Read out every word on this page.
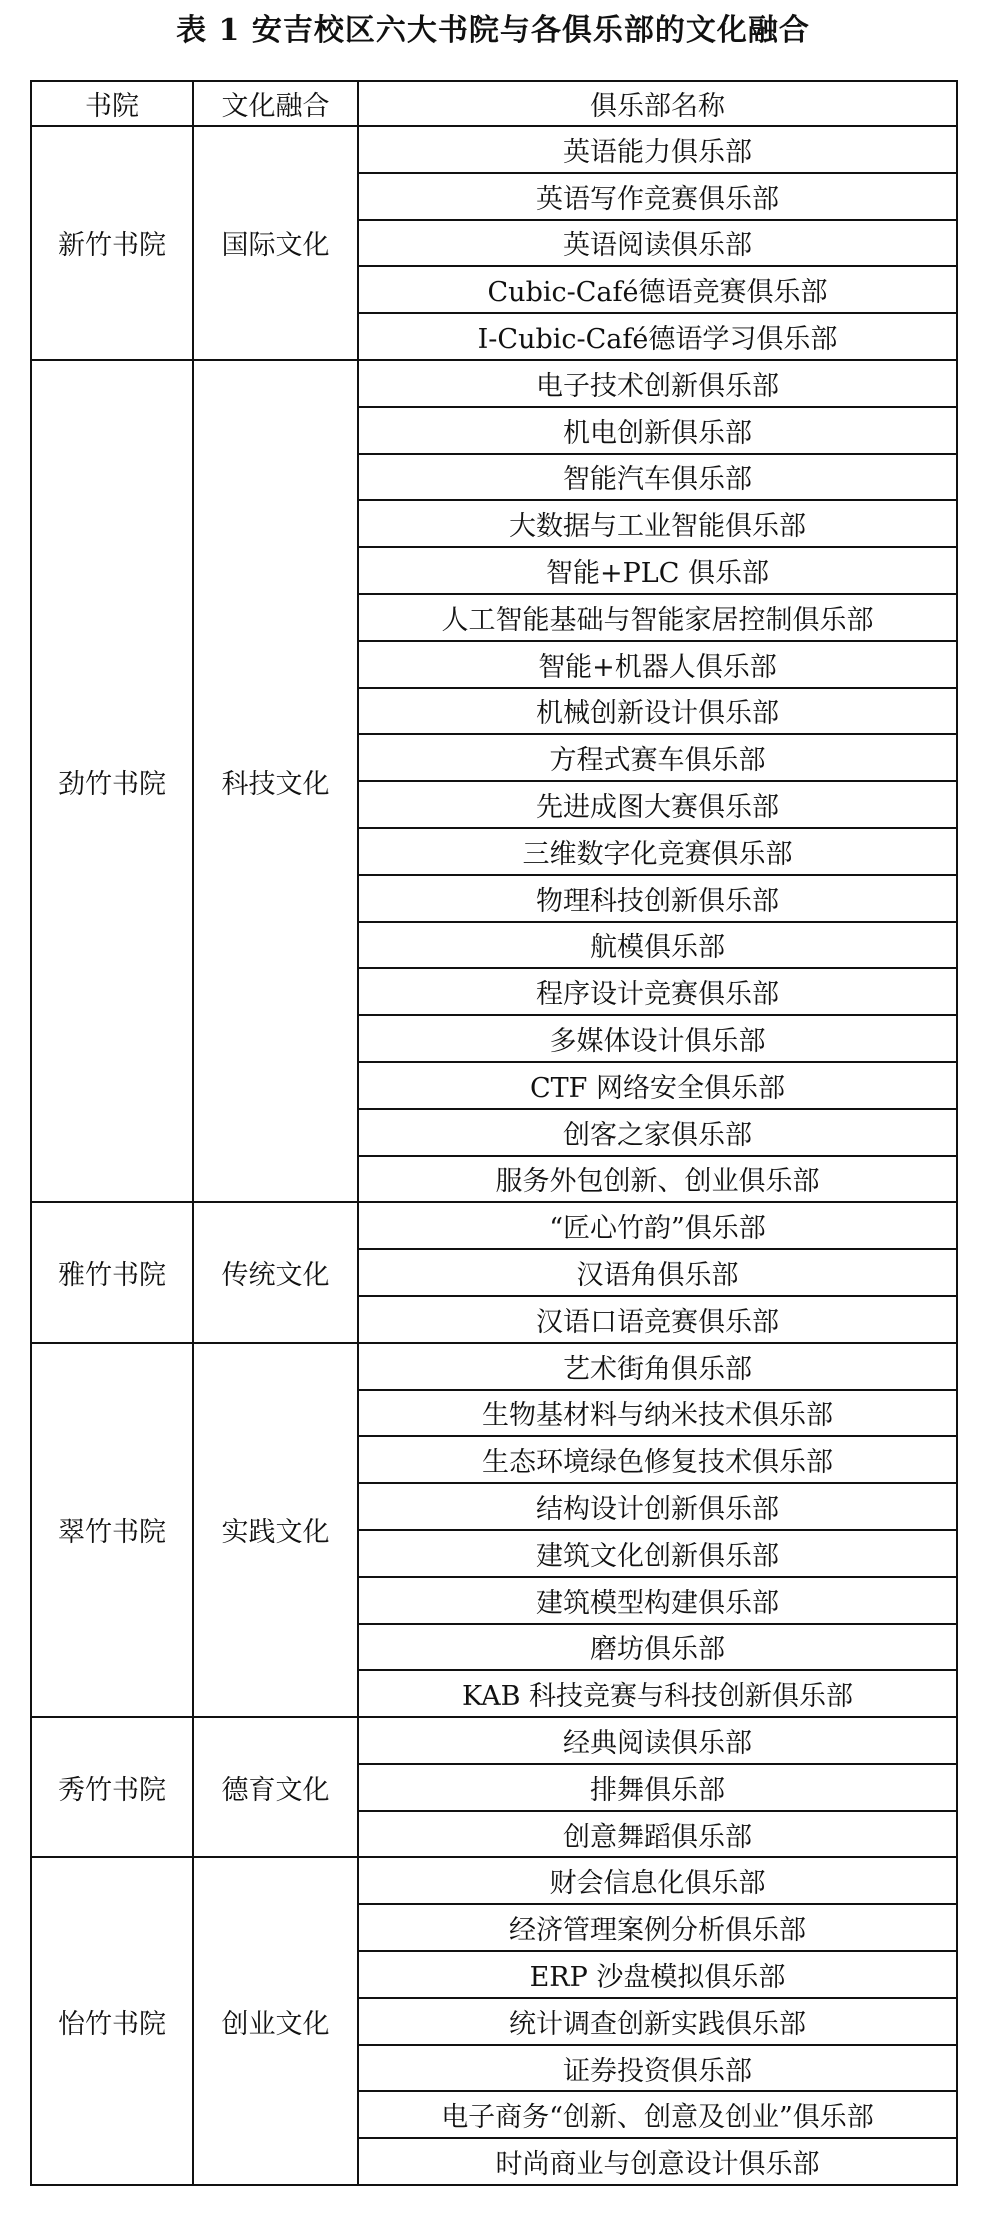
表 1 安吉校区六大书院与各俱乐部的文化融合
书院	文化融合	俱乐部名称
新竹书院	国际文化	英语能力俱乐部
		英语写作竞赛俱乐部
		英语阅读俱乐部
		Cubic-Café德语竞赛俱乐部
		I-Cubic-Café德语学习俱乐部
劲竹书院	科技文化	电子技术创新俱乐部
		机电创新俱乐部
		智能汽车俱乐部
		大数据与工业智能俱乐部
		智能+PLC 俱乐部
		人工智能基础与智能家居控制俱乐部
		智能+机器人俱乐部
		机械创新设计俱乐部
		方程式赛车俱乐部
		先进成图大赛俱乐部
		三维数字化竞赛俱乐部
		物理科技创新俱乐部
		航模俱乐部
		程序设计竞赛俱乐部
		多媒体设计俱乐部
		CTF 网络安全俱乐部
		创客之家俱乐部
		服务外包创新、创业俱乐部
雅竹书院	传统文化	“匠心竹韵”俱乐部
		汉语角俱乐部
		汉语口语竞赛俱乐部
翠竹书院	实践文化	艺术街角俱乐部
		生物基材料与纳米技术俱乐部
		生态环境绿色修复技术俱乐部
		结构设计创新俱乐部
		建筑文化创新俱乐部
		建筑模型构建俱乐部
		磨坊俱乐部
		KAB 科技竞赛与科技创新俱乐部
秀竹书院	德育文化	经典阅读俱乐部
		排舞俱乐部
		创意舞蹈俱乐部
怡竹书院	创业文化	财会信息化俱乐部
		经济管理案例分析俱乐部
		ERP 沙盘模拟俱乐部
		统计调查创新实践俱乐部
		证券投资俱乐部
		电子商务“创新、创意及创业”俱乐部
		时尚商业与创意设计俱乐部
